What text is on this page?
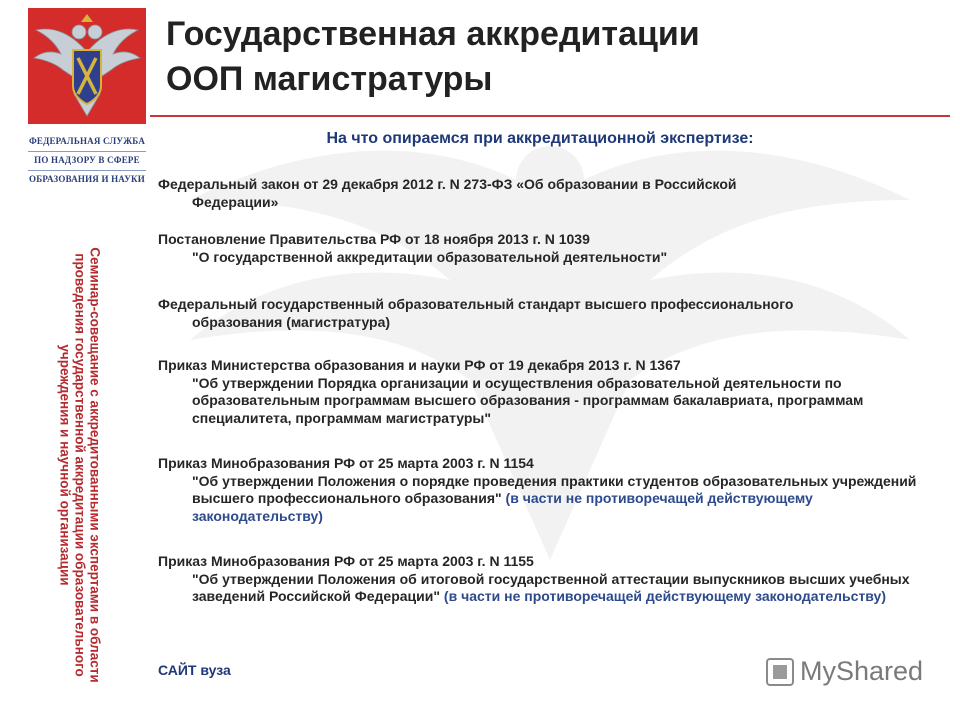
ФЕДЕРАЛЬНАЯ СЛУЖБА
ПО НАДЗОРУ В СФЕРЕ
ОБРАЗОВАНИЯ И НАУКИ
Семинар-совещание с аккредитованными экспертами в области проведения государственной аккредитации образовательного учреждения и научной организации
Государственная аккредитации
ООП магистратуры
На что опираемся при аккредитационной экспертизе:
Федеральный закон от 29 декабря 2012 г. N 273-ФЗ «Об образовании в Российской
Федерации»
Постановление Правительства РФ от 18 ноября 2013 г. N 1039
"О государственной аккредитации образовательной деятельности"
Федеральный государственный образовательный стандарт высшего профессионального
образования (магистратура)
Приказ Министерства образования и науки РФ от 19 декабря 2013 г. N 1367
"Об утверждении Порядка организации и осуществления образовательной деятельности по образовательным программам высшего образования - программам бакалавриата, программам специалитета, программам магистратуры"
Приказ Минобразования РФ от 25 марта 2003 г. N 1154
"Об утверждении Положения о порядке проведения практики студентов образовательных учреждений высшего профессионального образования" (в части не противоречащей действующему законодательству)
Приказ Минобразования РФ от 25 марта 2003 г. N 1155
"Об утверждении Положения об итоговой государственной аттестации выпускников высших учебных заведений Российской Федерации" (в части не противоречащей действующему законодательству)
САЙТ вуза	MyShared
